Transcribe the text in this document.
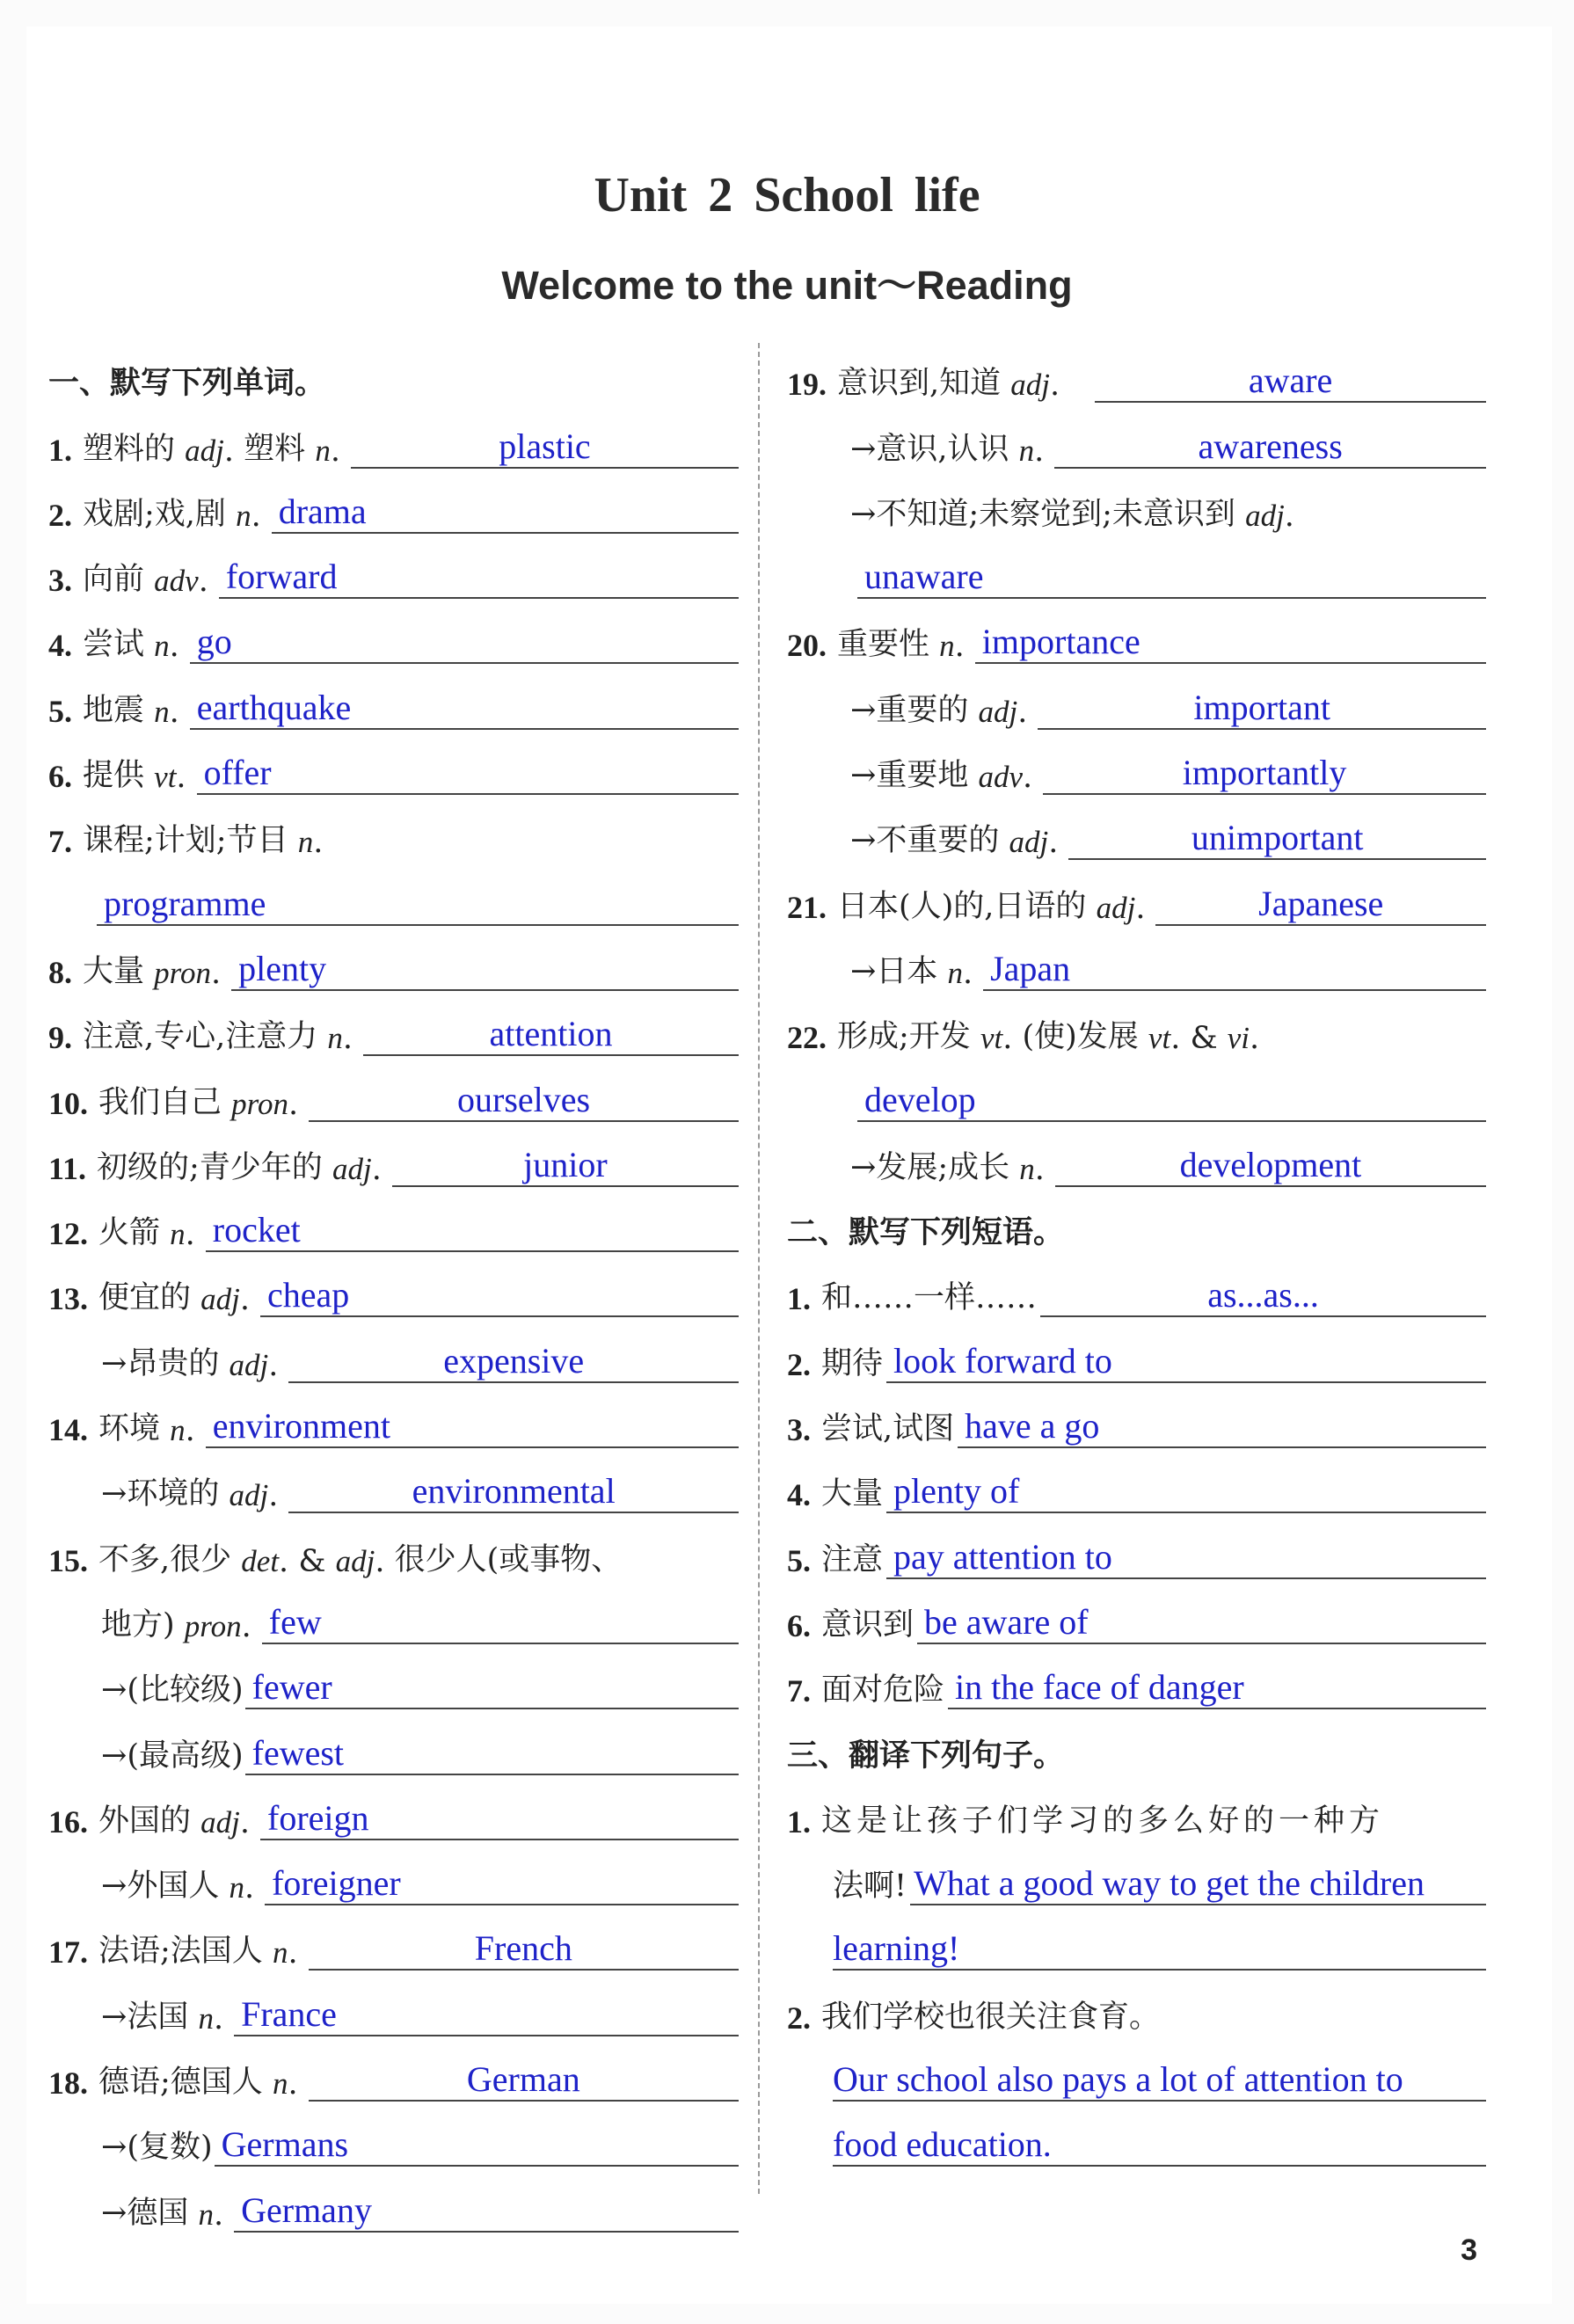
Unit 2 School life
Welcome to the unit～Reading
一、默写下列单词。
1. 塑料的
adj . 塑料
n .	plastic
2. 戏剧;戏,剧
n . drama
3. 向前
adv . forward
4. 尝试
n . go
5. 地震
n . earthquake
6. 提供
vt . offer
7. 课程;计划;节目
n .
programme
8. 大量
pron . plenty
9. 注意,专心,注意力
n .	attention
10. 我们自己
pron .	ourselves
11. 初级的;青少年的
adj .	junior
12. 火箭
n . rocket
13. 便宜的
adj . cheap
→昂贵的
adj .	expensive
14. 环境
n . environment
→环境的
adj .	environmental
15. 不多,很少
det . &
adj . 很少人(或事物、
地方)
pron . few
→(比较级) fewer
→(最高级) fewest
16. 外国的
adj . foreign
→外国人
n . foreigner
17. 法语;法国人
n .	French
→法国
n . France
18. 德语;德国人
n .	German
→(复数) Germans
→德国
n . Germany
19. 意识到,知道
adj .	aware
→意识,认识
n .	awareness
→不知道;未察觉到;未意识到
adj .
unaware
20. 重要性
n . importance
→重要的
adj .	important
→重要地
adv .	importantly
→不重要的
adj .	unimportant
21. 日本(人)的,日语的
adj .	Japanese
→日本
n . Japan
22. 形成;开发
vt . (使)发展
vt . &
vi .
develop
→发展;成长
n .	development
二、默写下列短语。
1. 和……一样……	as...as...
2. 期待 look forward to
3. 尝试,试图 have a go
4. 大量 plenty of
5. 注意 pay attention to
6. 意识到 be aware of
7. 面对危险 in the face of danger
三、翻译下列句子。
1. 这是让孩子们学习的多么好的一种方
法啊! What a good way to get the children
learning!
2. 我们学校也很关注食育。
Our school also pays a lot of attention to
food education.
3
